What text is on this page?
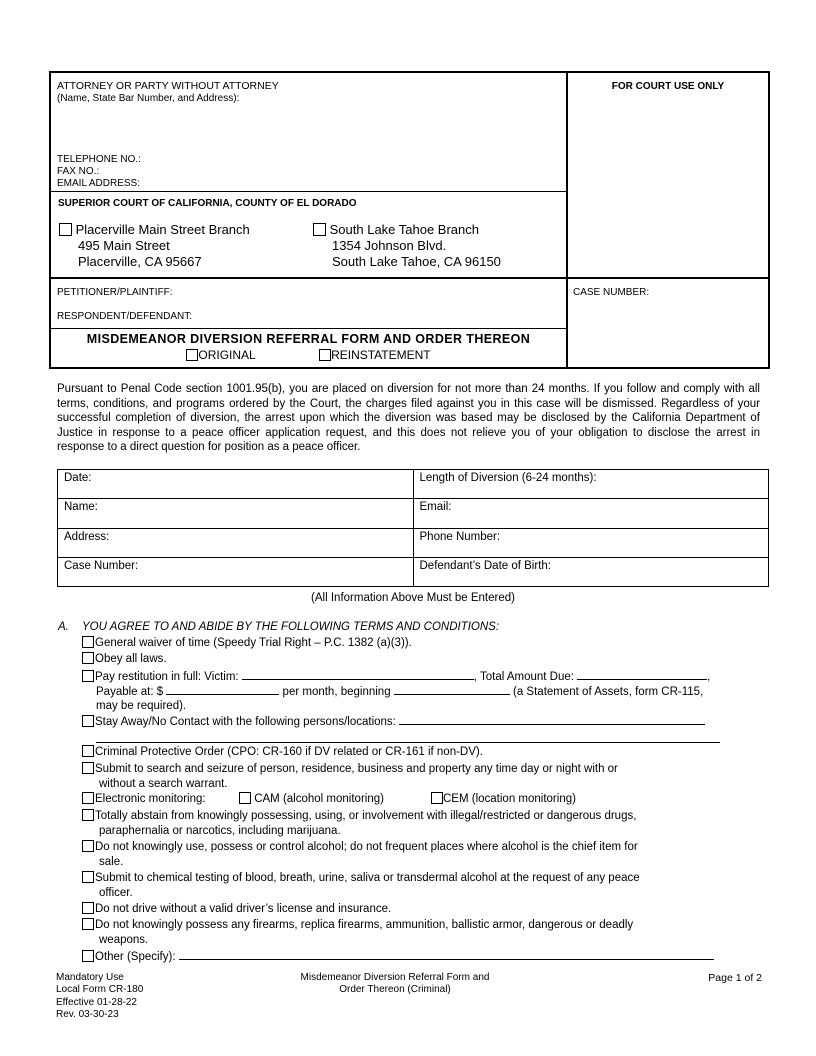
ATTORNEY OR PARTY WITHOUT ATTORNEY
(Name, State Bar Number, and Address):
TELEPHONE NO.:
FAX NO.:
EMAIL ADDRESS:
SUPERIOR COURT OF CALIFORNIA, COUNTY OF EL DORADO
Placerville Main Street Branch
495 Main Street
Placerville, CA 95667
South Lake Tahoe Branch
1354 Johnson Blvd.
South Lake Tahoe, CA 96150
PETITIONER/PLAINTIFF:
RESPONDENT/DEFENDANT:
MISDEMEANOR DIVERSION REFERRAL FORM AND ORDER THEREON
ORIGINAL	REINSTATEMENT
FOR COURT USE ONLY
CASE NUMBER:
Pursuant to Penal Code section 1001.95(b), you are placed on diversion for not more than 24 months. If you follow and comply with all terms, conditions, and programs ordered by the Court, the charges filed against you in this case will be dismissed. Regardless of your successful completion of diversion, the arrest upon which the diversion was based may be disclosed by the California Department of Justice in response to a peace officer application request, and this does not relieve you of your obligation to disclose the arrest in response to a direct question for position as a peace officer.
Date:	Length of Diversion (6-24 months):
Name:	Email:
Address:	Phone Number:
Case Number:	Defendant’s Date of Birth:
(All Information Above Must be Entered)
A. YOU AGREE TO AND ABIDE BY THE FOLLOWING TERMS AND CONDITIONS:
General waiver of time (Speedy Trial Right – P.C. 1382 (a)(3)).
Obey all laws.
Pay restitution in full: Victim:	, Total Amount Due:	,
Payable at: $	per month, beginning	(a Statement of Assets, form CR-115,
may be required).
Stay Away/No Contact with the following persons/locations:
Criminal Protective Order (CPO: CR-160 if DV related or CR-161 if non-DV).
Submit to search and seizure of person, residence, business and property any time day or night with or
without a search warrant.
Electronic monitoring:	CAM (alcohol monitoring)	CEM (location monitoring)
Totally abstain from knowingly possessing, using, or involvement with illegal/restricted or dangerous drugs,
paraphernalia or narcotics, including marijuana.
Do not knowingly use, possess or control alcohol; do not frequent places where alcohol is the chief item for
sale.
Submit to chemical testing of blood, breath, urine, saliva or transdermal alcohol at the request of any peace
officer.
Do not drive without a valid driver’s license and insurance.
Do not knowingly possess any firearms, replica firearms, ammunition, ballistic armor, dangerous or deadly
weapons.
Other (Specify):
Mandatory Use
Local Form CR-180
Effective 01-28-22
Rev. 03-30-23
Misdemeanor Diversion Referral Form and
Order Thereon (Criminal)
Page 1 of 2
